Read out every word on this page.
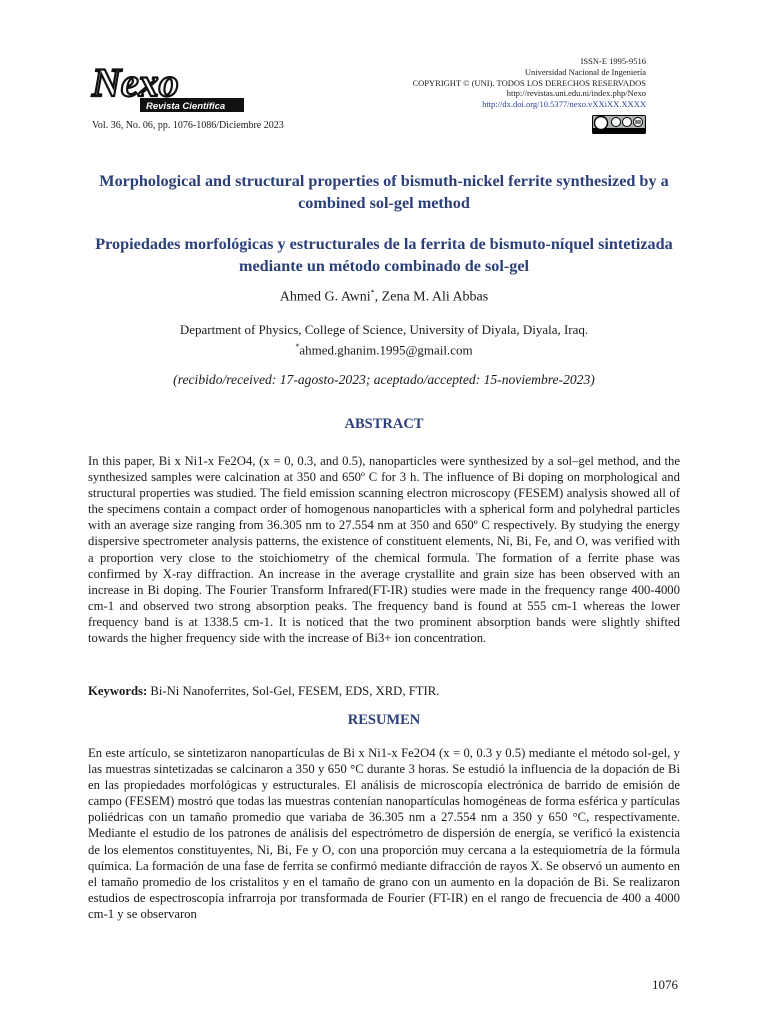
Nexo
Revista Científica
Vol. 36, No. 06, pp. 1076-1086/Diciembre 2023
ISSN-E 1995-9516
Universidad Nacional de Ingeniería
COPYRIGHT © (UNI). TODOS LOS DERECHOS RESERVADOS
http://revistas.uni.edu.ni/index.php/Nexo
http://dx.doi.org/10.5377/nexo.vXXiXX.XXXX
Morphological and structural properties of bismuth-nickel ferrite synthesized by a combined sol-gel method
Propiedades morfológicas y estructurales de la ferrita de bismuto-níquel sintetizada mediante un método combinado de sol-gel
Ahmed G. Awni*, Zena M. Ali Abbas
Department of Physics, College of Science, University of Diyala, Diyala, Iraq.
*ahmed.ghanim.1995@gmail.com
(recibido/received: 17-agosto-2023; aceptado/accepted: 15-noviembre-2023)
ABSTRACT
In this paper, Bi x Ni1-x Fe2O4, (x = 0, 0.3, and 0.5), nanoparticles were synthesized by a sol–gel method, and the synthesized samples were calcination at 350 and 650º C for 3 h. The influence of Bi doping on morphological and structural properties was studied. The field emission scanning electron microscopy (FESEM) analysis showed all of the specimens contain a compact order of homogenous nanoparticles with a spherical form and polyhedral particles with an average size ranging from 36.305 nm to 27.554 nm at 350 and 650º C respectively. By studying the energy dispersive spectrometer analysis patterns, the existence of constituent elements, Ni, Bi, Fe, and O, was verified with a proportion very close to the stoichiometry of the chemical formula. The formation of a ferrite phase was confirmed by X-ray diffraction. An increase in the average crystallite and grain size has been observed with an increase in Bi doping. The Fourier Transform Infrared(FT-IR) studies were made in the frequency range 400-4000 cm-1 and observed two strong absorption peaks. The frequency band is found at 555 cm-1 whereas the lower frequency band is at 1338.5 cm-1. It is noticed that the two prominent absorption bands were slightly shifted towards the higher frequency side with the increase of Bi3+ ion concentration.
Keywords: Bi-Ni Nanoferrites, Sol-Gel, FESEM, EDS, XRD, FTIR.
RESUMEN
En este artículo, se sintetizaron nanopartículas de Bi x Ni1-x Fe2O4 (x = 0, 0.3 y 0.5) mediante el método sol-gel, y las muestras sintetizadas se calcinaron a 350 y 650 °C durante 3 horas. Se estudió la influencia de la dopación de Bi en las propiedades morfológicas y estructurales. El análisis de microscopía electrónica de barrido de emisión de campo (FESEM) mostró que todas las muestras contenían nanopartículas homogéneas de forma esférica y partículas poliédricas con un tamaño promedio que variaba de 36.305 nm a 27.554 nm a 350 y 650 °C, respectivamente. Mediante el estudio de los patrones de análisis del espectrómetro de dispersión de energía, se verificó la existencia de los elementos constituyentes, Ni, Bi, Fe y O, con una proporción muy cercana a la estequiometría de la fórmula química. La formación de una fase de ferrita se confirmó mediante difracción de rayos X. Se observó un aumento en el tamaño promedio de los cristalitos y en el tamaño de grano con un aumento en la dopación de Bi. Se realizaron estudios de espectroscopía infrarroja por transformada de Fourier (FT-IR) en el rango de frecuencia de 400 a 4000 cm-1 y se observaron
1076
